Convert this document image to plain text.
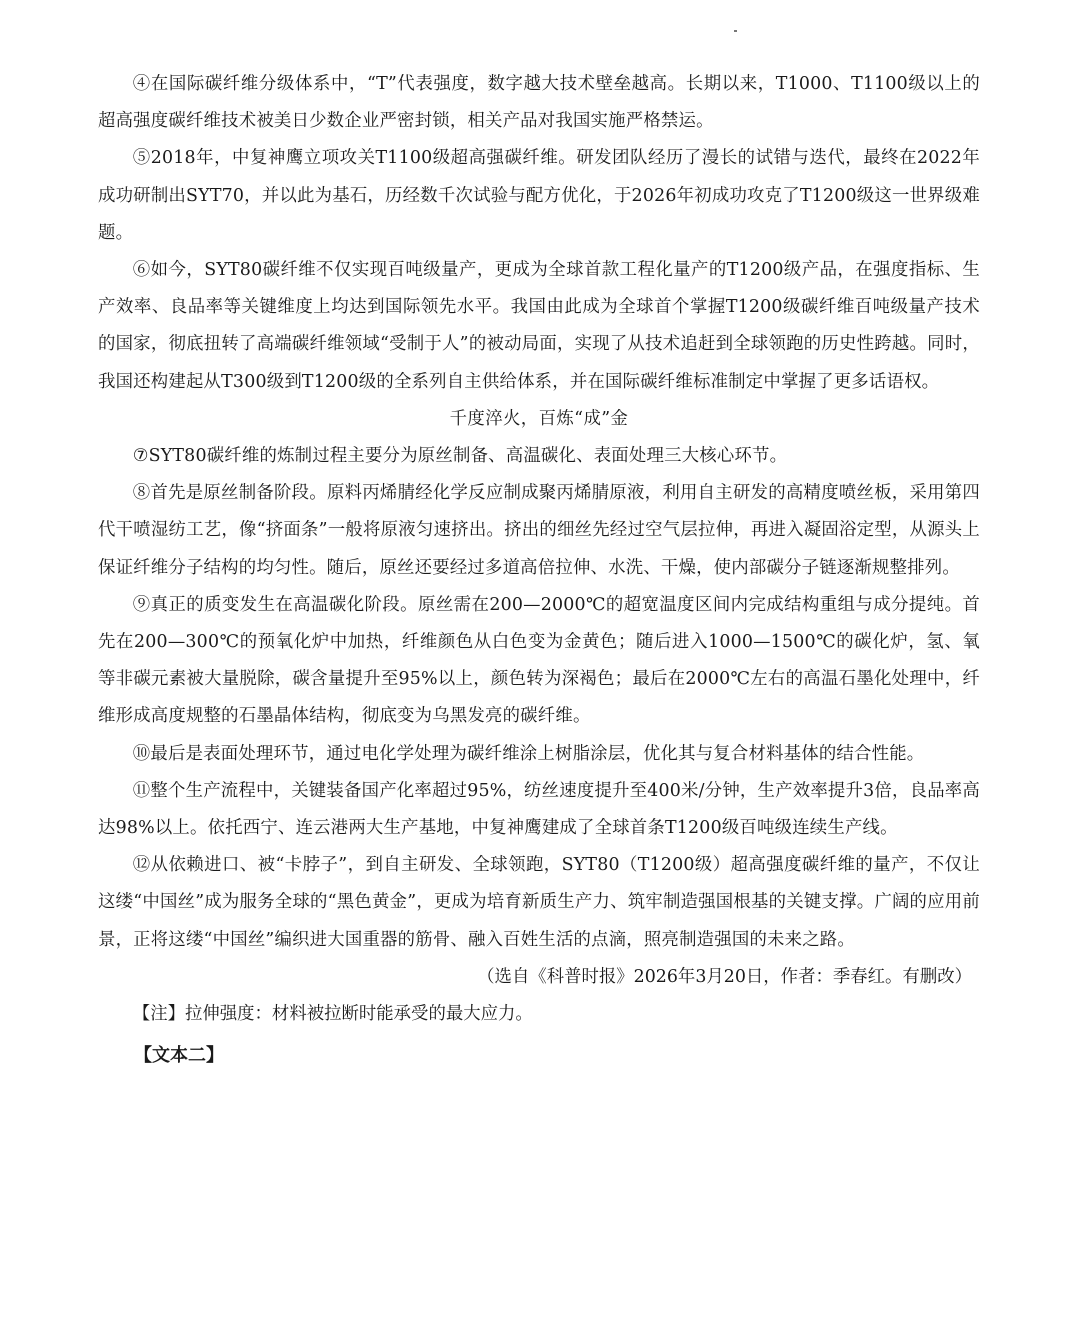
④在国际碳纤维分级体系中，“T”代表强度，数字越大技术壁垒越高。长期以来，T1000、T1100级以上的超高强度碳纤维技术被美日少数企业严密封锁，相关产品对我国实施严格禁运。

⑤2018年，中复神鹰立项攻关T1100级超高强碳纤维。研发团队经历了漫长的试错与迭代，最终在2022年成功研制出SYT70，并以此为基石，历经数千次试验与配方优化，于2026年初成功攻克了T1200级这一世界级难题。

⑥如今，SYT80碳纤维不仅实现百吨级量产，更成为全球首款工程化量产的T1200级产品，在强度指标、生产效率、良品率等关键维度上均达到国际领先水平。我国由此成为全球首个掌握T1200级碳纤维百吨级量产技术的国家，彻底扭转了高端碳纤维领域“受制于人”的被动局面，实现了从技术追赶到全球领跑的历史性跨越。同时，我国还构建起从T300级到T1200级的全系列自主供给体系，并在国际碳纤维标准制定中掌握了更多话语权。

千度淬火，百炼“成”金

⑦SYT80碳纤维的炼制过程主要分为原丝制备、高温碳化、表面处理三大核心环节。

⑧首先是原丝制备阶段。原料丙烯腈经化学反应制成聚丙烯腈原液，利用自主研发的高精度喷丝板，采用第四代干喷湿纺工艺，像“挤面条”一般将原液匀速挤出。挤出的细丝先经过空气层拉伸，再进入凝固浴定型，从源头上保证纤维分子结构的均匀性。随后，原丝还要经过多道高倍拉伸、水洗、干燥，使内部碳分子链逐渐规整排列。

⑨真正的质变发生在高温碳化阶段。原丝需在200—2000℃的超宽温度区间内完成结构重组与成分提纯。首先在200—300℃的预氧化炉中加热，纤维颜色从白色变为金黄色；随后进入1000—1500℃的碳化炉，氢、氧等非碳元素被大量脱除，碳含量提升至95%以上，颜色转为深褐色；最后在2000℃左右的高温石墨化处理中，纤维形成高度规整的石墨晶体结构，彻底变为乌黑发亮的碳纤维。

⑩最后是表面处理环节，通过电化学处理为碳纤维涂上树脂涂层，优化其与复合材料基体的结合性能。

⑪整个生产流程中，关键装备国产化率超过95%，纺丝速度提升至400米/分钟，生产效率提升3倍，良品率高达98%以上。依托西宁、连云港两大生产基地，中复神鹰建成了全球首条T1200级百吨级连续生产线。

⑫从依赖进口、被“卡脖子”，到自主研发、全球领跑，SYT80（T1200级）超高强度碳纤维的量产，不仅让这缕“中国丝”成为服务全球的“黑色黄金”，更成为培育新质生产力、筑牢制造强国根基的关键支撑。广阔的应用前景，正将这缕“中国丝”编织进大国重器的筋骨、融入百姓生活的点滴，照亮制造强国的未来之路。

（选自《科普时报》2026年3月20日，作者：季春红。有删改）

【注】拉伸强度：材料被拉断时能承受的最大应力。

【文本二】
